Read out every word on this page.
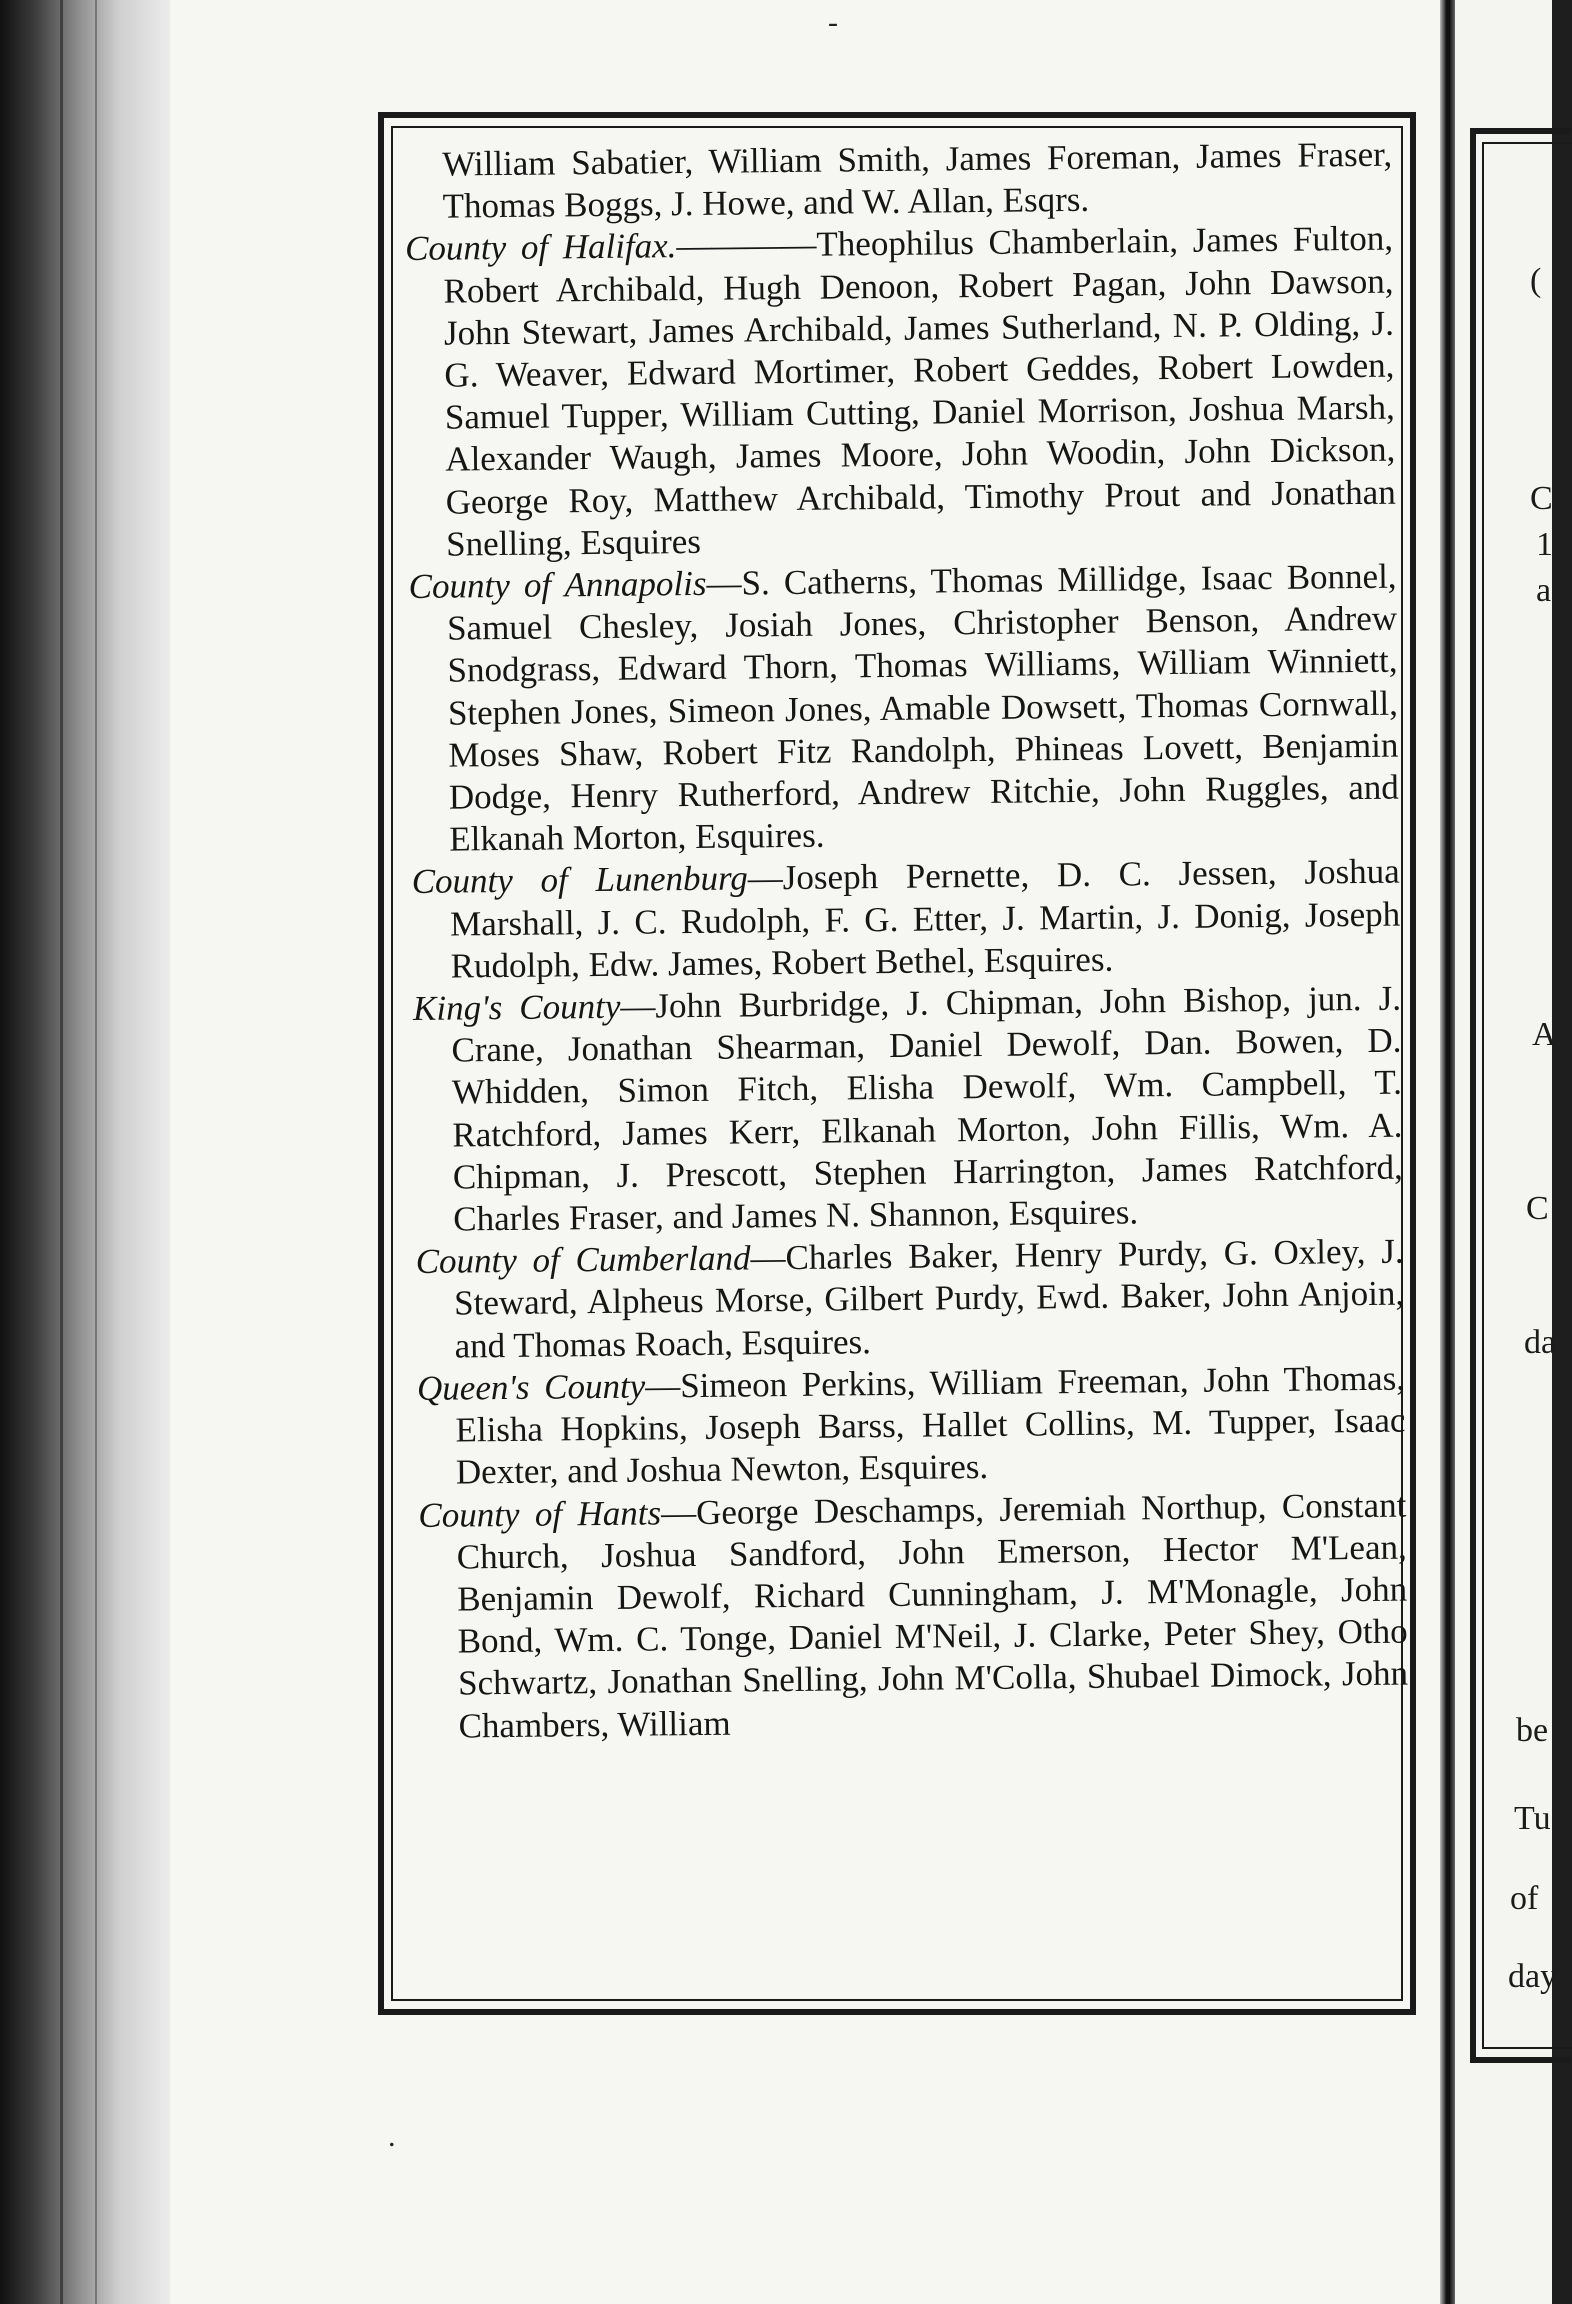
-

William Sabatier, William Smith, James Foreman, James Fraser, Thomas Boggs, J. Howe, and W. Allan, Esqrs.

County of Halifax.————Theophilus Chamberlain, James Fulton, Robert Archibald, Hugh Denoon, Robert Pagan, John Dawson, John Stewart, James Archibald, James Sutherland, N. P. Olding, J. G. Weaver, Edward Mortimer, Robert Geddes, Robert Lowden, Samuel Tupper, William Cutting, Daniel Morrison, Joshua Marsh, Alexander Waugh, James Moore, John Woodin, John Dickson, George Roy, Matthew Archibald, Timothy Prout and Jonathan Snelling, Esquires

County of Annapolis—S. Catherns, Thomas Millidge, Isaac Bonnel, Samuel Chesley, Josiah Jones, Christopher Benson, Andrew Snodgrass, Edward Thorn, Thomas Williams, William Winniett, Stephen Jones, Simeon Jones, Amable Dowsett, Thomas Cornwall, Moses Shaw, Robert Fitz Randolph, Phineas Lovett, Benjamin Dodge, Henry Rutherford, Andrew Ritchie, John Ruggles, and Elkanah Morton, Esquires.

County of Lunenburg—Joseph Pernette, D. C. Jessen, Joshua Marshall, J. C. Rudolph, F. G. Etter, J. Martin, J. Donig, Joseph Rudolph, Edw. James, Robert Bethel, Esquires.

King's County—John Burbridge, J. Chipman, John Bishop, jun. J. Crane, Jonathan Shearman, Daniel Dewolf, Dan. Bowen, D. Whidden, Simon Fitch, Elisha Dewolf, Wm. Campbell, T. Ratchford, James Kerr, Elkanah Morton, John Fillis, Wm. A. Chipman, J. Prescott, Stephen Harrington, James Ratchford, Charles Fraser, and James N. Shannon, Esquires.

County of Cumberland—Charles Baker, Henry Purdy, G. Oxley, J. Steward, Alpheus Morse, Gilbert Purdy, Ewd. Baker, John Anjoin, and Thomas Roach, Esquires.

Queen's County—Simeon Perkins, William Freeman, John Thomas, Elisha Hopkins, Joseph Barss, Hallet Collins, M. Tupper, Isaac Dexter, and Joshua Newton, Esquires.

County of Hants—George Deschamps, Jeremiah Northup, Constant Church, Joshua Sandford, John Emerson, Hector M'Lean, Benjamin Dewolf, Richard Cunningham, J. M'Monagle, John Bond, Wm. C. Tonge, Daniel M'Neil, J. Clarke, Peter Shey, Otho Schwartz, Jonathan Snelling, John M'Colla, Shubael Dimock, John Chambers, William

.
(
C
1
a
A
C
da
be
Tu
of
day
